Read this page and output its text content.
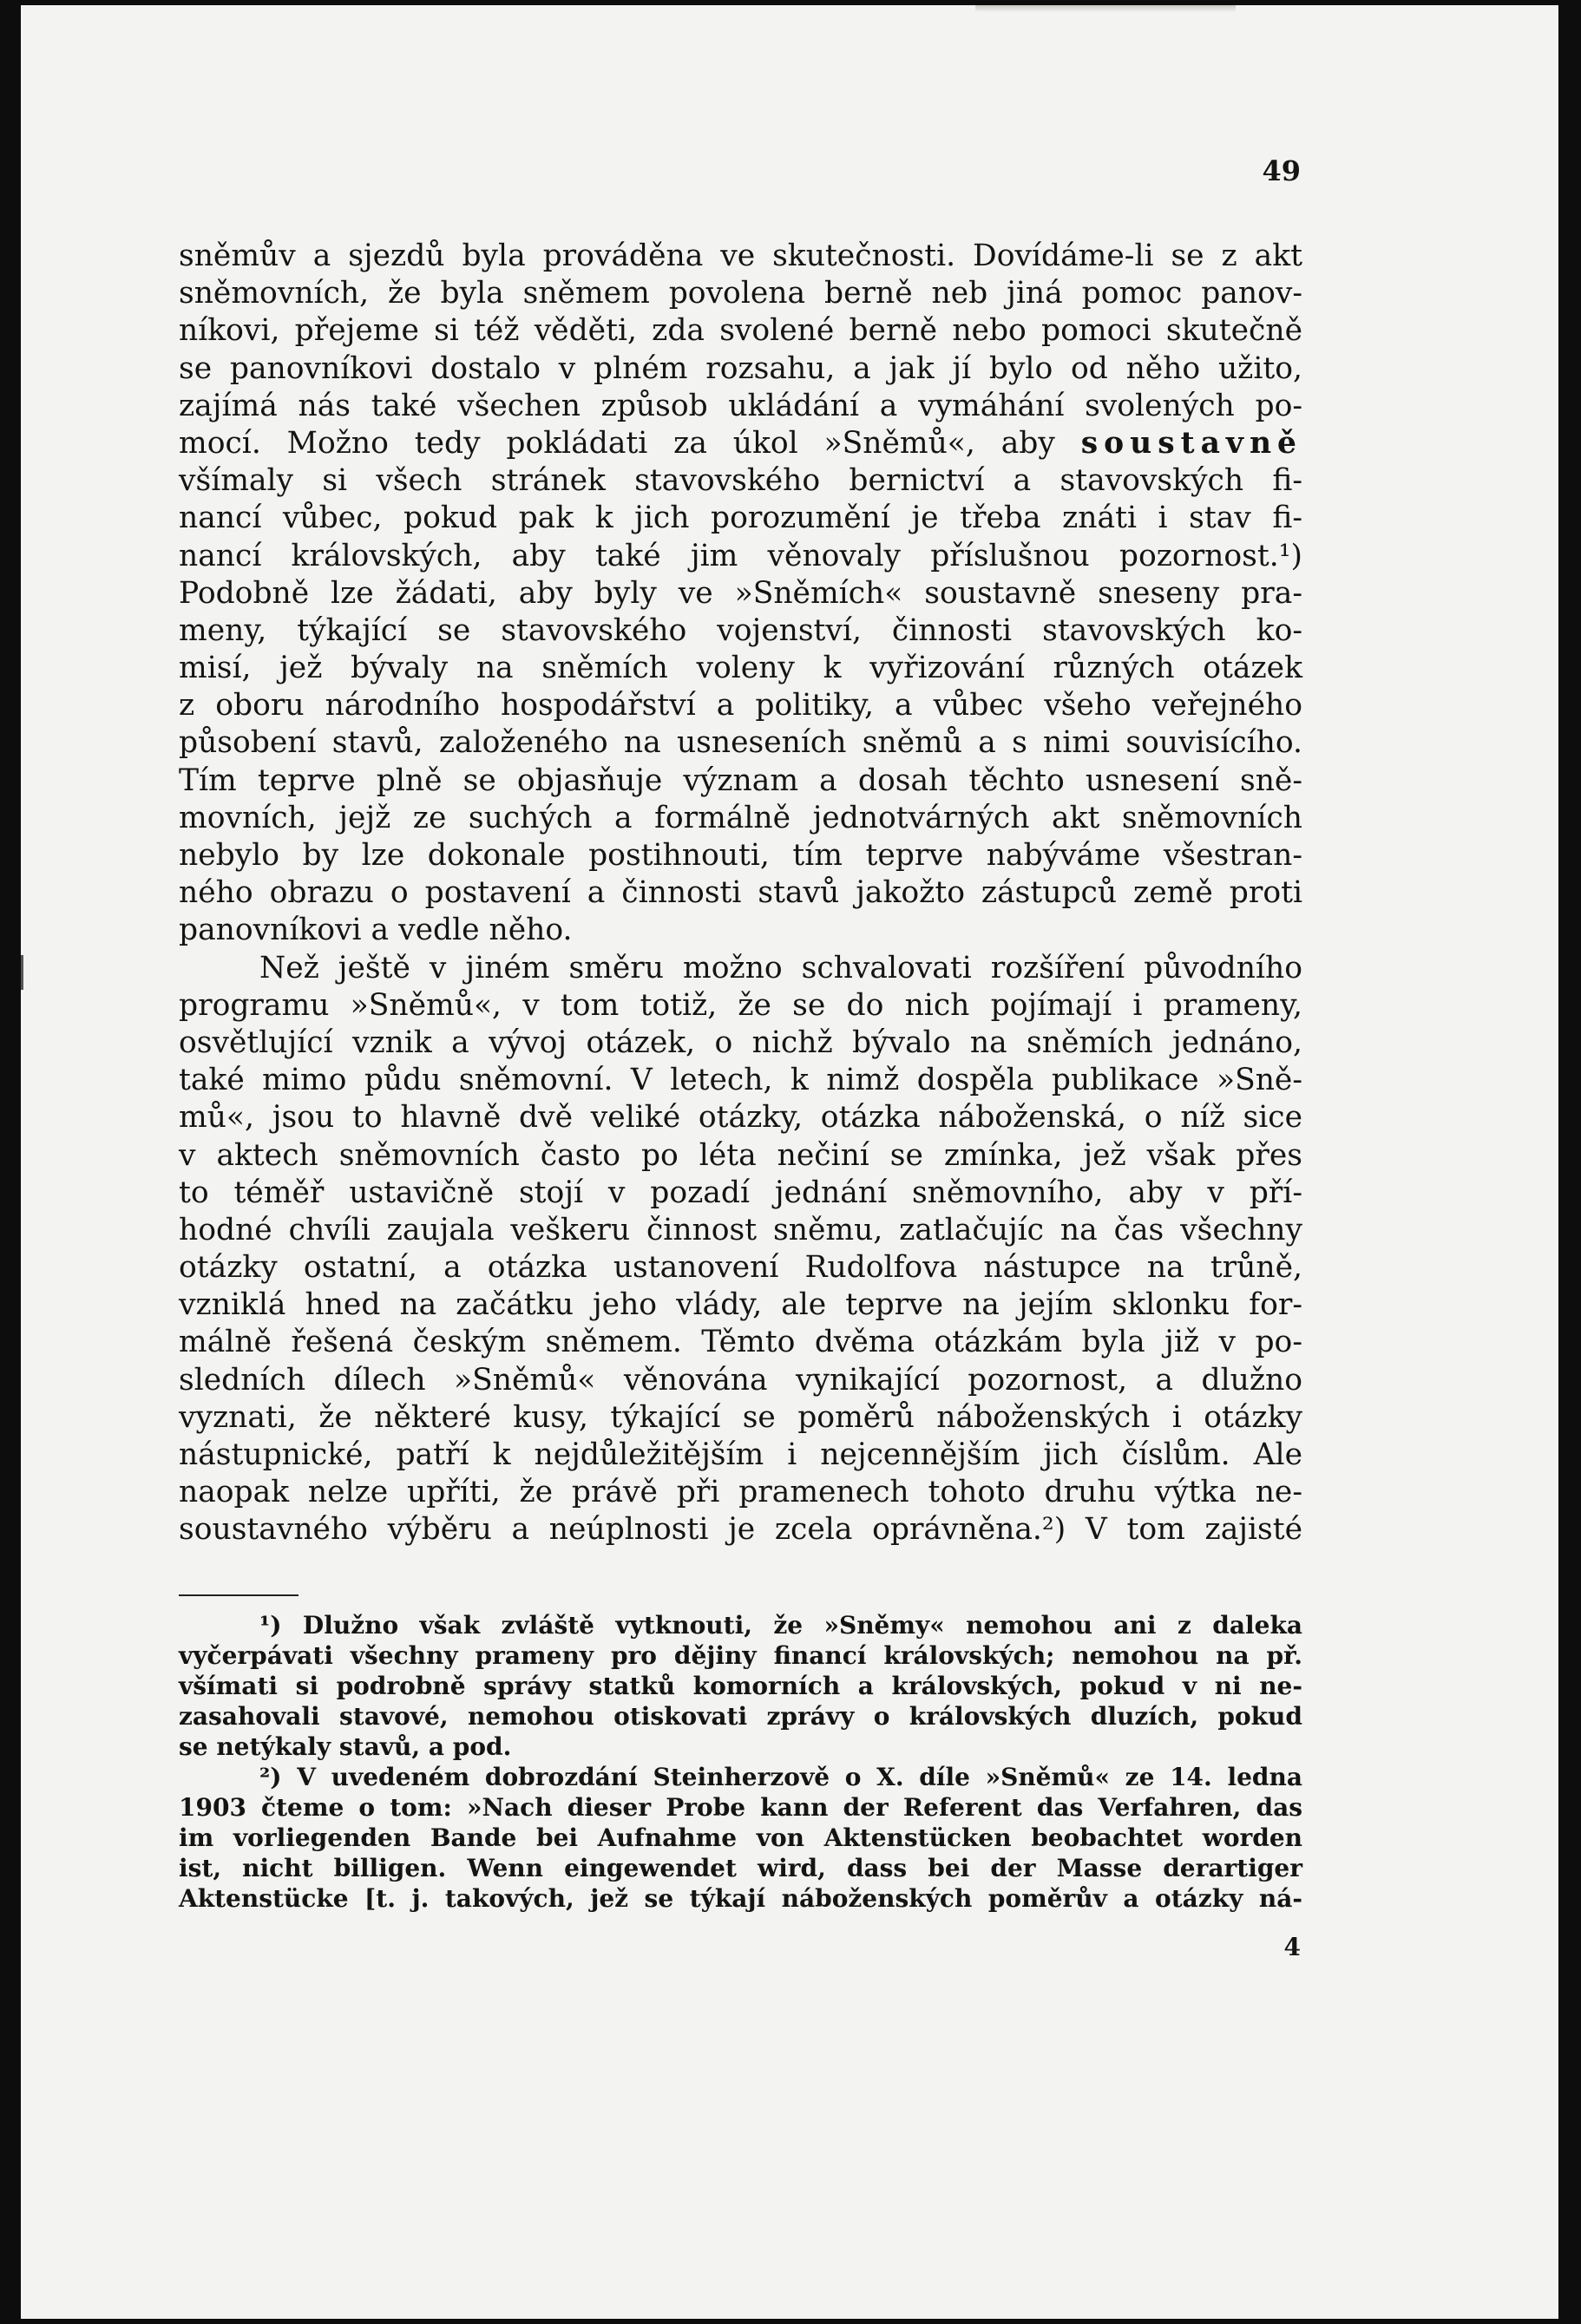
49
sněmův a sjezdů byla prováděna ve skutečnosti. Dovídáme-li se z akt
sněmovních, že byla sněmem povolena berně neb jiná pomoc panov-
níkovi, přejeme si též věděti, zda svolené berně nebo pomoci skutečně
se panovníkovi dostalo v plném rozsahu, a jak jí bylo od něho užito,
zajímá nás také všechen způsob ukládání a vymáhání svolených po-
mocí. Možno tedy pokládati za úkol »Sněmů«, aby soustavně
všímaly si všech stránek stavovského bernictví a stavovských fi-
nancí vůbec, pokud pak k jich porozumění je třeba znáti i stav fi-
nancí královských, aby také jim věnovaly příslušnou pozornost.¹)
Podobně lze žádati, aby byly ve »Sněmích« soustavně sneseny pra-
meny, týkající se stavovského vojenství, činnosti stavovských ko-
misí, jež bývaly na sněmích voleny k vyřizování různých otázek
z oboru národního hospodářství a politiky, a vůbec všeho veřejného
působení stavů, založeného na usneseních sněmů a s nimi souvisícího.
Tím teprve plně se objasňuje význam a dosah těchto usnesení sně-
movních, jejž ze suchých a formálně jednotvárných akt sněmovních
nebylo by lze dokonale postihnouti, tím teprve nabýváme všestran-
ného obrazu o postavení a činnosti stavů jakožto zástupců země proti
panovníkovi a vedle něho.
Než ještě v jiném směru možno schvalovati rozšíření původního
programu »Sněmů«, v tom totiž, že se do nich pojímají i prameny,
osvětlující vznik a vývoj otázek, o nichž bývalo na sněmích jednáno,
také mimo půdu sněmovní. V letech, k nimž dospěla publikace »Sně-
mů«, jsou to hlavně dvě veliké otázky, otázka náboženská, o níž sice
v aktech sněmovních často po léta nečiní se zmínka, jež však přes
to téměř ustavičně stojí v pozadí jednání sněmovního, aby v pří-
hodné chvíli zaujala veškeru činnost sněmu, zatlačujíc na čas všechny
otázky ostatní, a otázka ustanovení Rudolfova nástupce na trůně,
vzniklá hned na začátku jeho vlády, ale teprve na jejím sklonku for-
málně řešená českým sněmem. Těmto dvěma otázkám byla již v po-
sledních dílech »Sněmů« věnována vynikající pozornost, a dlužno
vyznati, že některé kusy, týkající se poměrů náboženských i otázky
nástupnické, patří k nejdůležitějším i nejcennějším jich číslům. Ale
naopak nelze upříti, že právě při pramenech tohoto druhu výtka ne-
soustavného výběru a neúplnosti je zcela oprávněna.²) V tom zajisté
¹) Dlužno však zvláště vytknouti, že »Sněmy« nemohou ani z daleka
vyčerpávati všechny prameny pro dějiny financí královských; nemohou na př.
všímati si podrobně správy statků komorních a královských, pokud v ni ne-
zasahovali stavové, nemohou otiskovati zprávy o královských dluzích, pokud
se netýkaly stavů, a pod.
²) V uvedeném dobrozdání Steinherzově o X. díle »Sněmů« ze 14. ledna
1903 čteme o tom: »Nach dieser Probe kann der Referent das Verfahren, das
im vorliegenden Bande bei Aufnahme von Aktenstücken beobachtet worden
ist, nicht billigen. Wenn eingewendet wird, dass bei der Masse derartiger
Aktenstücke [t. j. takových, jež se týkají náboženských poměrův a otázky ná-
4
